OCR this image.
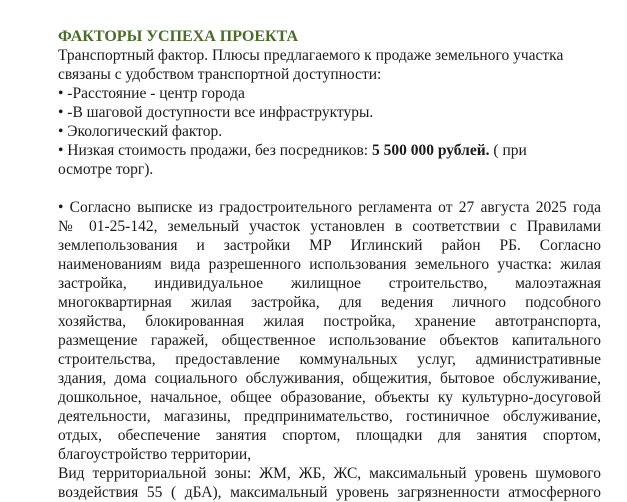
ФАКТОРЫ УСПЕХА ПРОЕКТА
Транспортный фактор. Плюсы предлагаемого к продаже земельного участка
связаны с удобством транспортной доступности:
• -Расстояние - центр города
• -В шаговой доступности все инфраструктуры.
• Экологический фактор.
• Низкая стоимость продажи, без посредников: 5 500 000 рублей. ( при
осмотре торг).
• Согласно выписке из градостроительного регламента от 27 августа 2025 года
№ 01-25-142, земельный участок установлен в соответствии с Правилами
землепользования и застройки МР Иглинский район РБ. Согласно
наименованиям вида разрешенного использования земельного участка: жилая
застройка, индивидуальное жилищное строительство, малоэтажная
многоквартирная жилая застройка, для ведения личного подсобного
хозяйства, блокированная жилая постройка, хранение автотранспорта,
размещение гаражей, общественное использование объектов капитального
строительства, предоставление коммунальных услуг, административные
здания, дома социального обслуживания, общежития, бытовое обслуживание,
дошкольное, начальное, общее образование, объекты ку культурно-досуговой
деятельности, магазины, предпринимательство, гостиничное обслуживание,
отдых, обеспечение занятия спортом, площадки для занятия спортом,
благоустройство территории,
Вид территориальной зоны: ЖМ, ЖБ, ЖС, максимальный уровень шумового
воздействия 55 ( дБА), максимальный уровень загрязненности атмосферного
